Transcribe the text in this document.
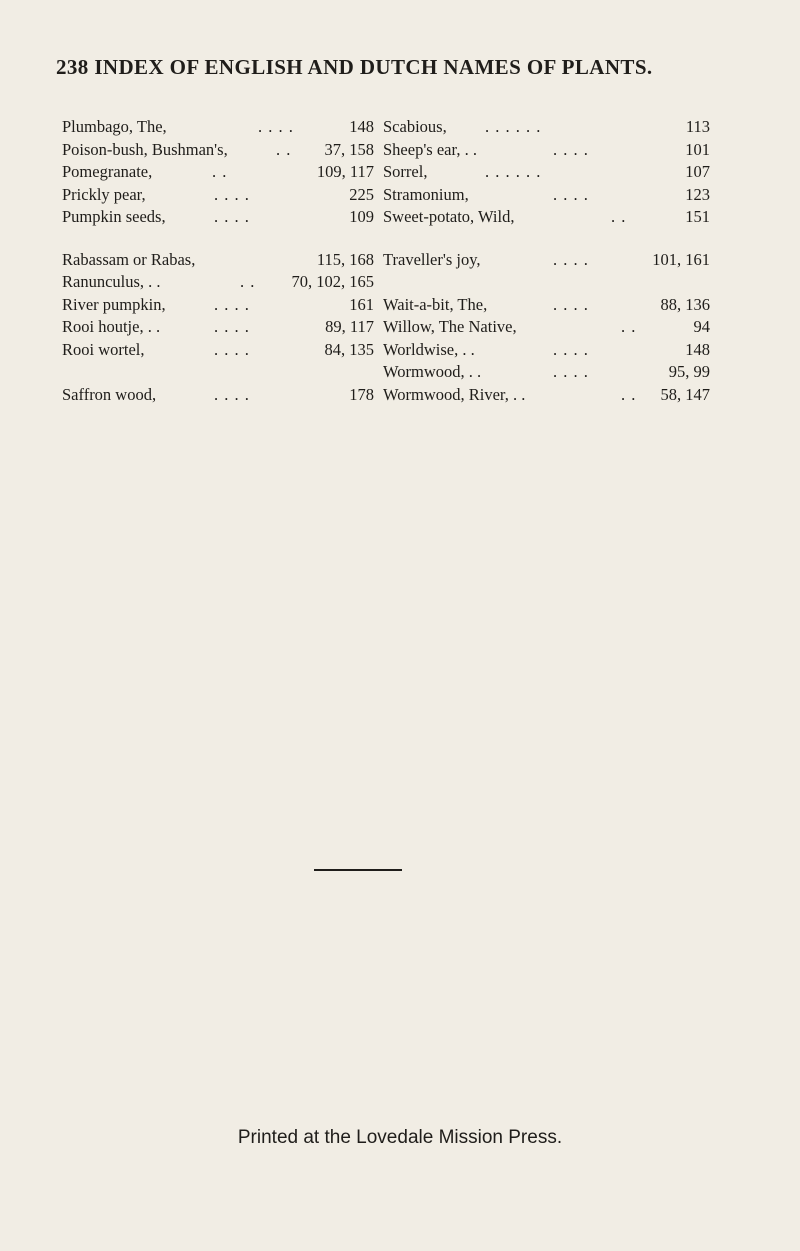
238 INDEX OF ENGLISH AND DUTCH NAMES OF PLANTS.
Plumbago, The,	. . . .	148
Poison-bush, Bushman's,	. . 37, 158
Pomegranate,	. .	109, 117
Prickly pear,	. . . .	225
Pumpkin seeds,	. . . .	109
Rabassam or Rabas,	115, 168
Ranunculus, . .	. . 70, 102, 165
River pumpkin,	. . . .	161
Rooi houtje, . .	. . . .	89, 117
Rooi wortel,	. . . .	84, 135
Saffron wood,	. . . .	178
Scabious, . . . . . .	113
Sheep's ear, . .	. . . .	101
Sorrel,	. . . . . .	107
Stramonium,	. . . .	123
Sweet-potato, Wild,	. .	151
Traveller's joy,	. . . .	101, 161
Wait-a-bit, The,	. . . .	88, 136
Willow, The Native,	. .	94
Worldwise, . .	. . . .	148
Wormwood, . .	. . . .	95, 99
Wormwood, River, . .	. . 58, 147
Printed at the Lovedale Mission Press.
